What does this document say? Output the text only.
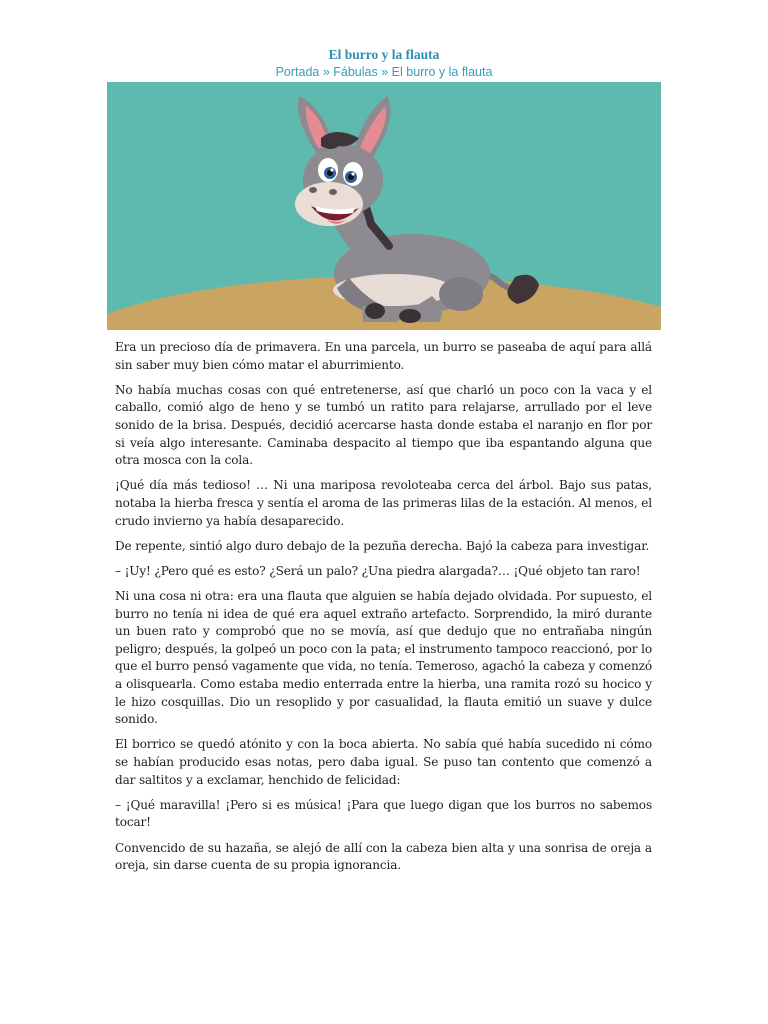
El burro y la flauta
Portada » Fábulas » El burro y la flauta

Era un precioso día de primavera. En una parcela, un burro se paseaba de aquí para allá sin saber muy bien cómo matar el aburrimiento.

No había muchas cosas con qué entretenerse, así que charló un poco con la vaca y el caballo, comió algo de heno y se tumbó un ratito para relajarse, arrullado por el leve sonido de la brisa. Después, decidió acercarse hasta donde estaba el naranjo en flor por si veía algo interesante. Caminaba despacito al tiempo que iba espantando alguna que otra mosca con la cola.

¡Qué día más tedioso! … Ni una mariposa revoloteaba cerca del árbol. Bajo sus patas, notaba la hierba fresca y sentía el aroma de las primeras lilas de la estación. Al menos, el crudo invierno ya había desaparecido.

De repente, sintió algo duro debajo de la pezuña derecha. Bajó la cabeza para investigar.

– ¡Uy! ¿Pero qué es esto? ¿Será un palo? ¿Una piedra alargada?… ¡Qué objeto tan raro!

Ni una cosa ni otra: era una flauta que alguien se había dejado olvidada. Por supuesto, el burro no tenía ni idea de qué era aquel extraño artefacto. Sorprendido, la miró durante un buen rato y comprobó que no se movía, así que dedujo que no entrañaba ningún peligro; después, la golpeó un poco con la pata; el instrumento tampoco reaccionó, por lo que el burro pensó vagamente que vida, no tenía. Temeroso, agachó la cabeza y comenzó a olisquearla. Como estaba medio enterrada entre la hierba, una ramita rozó su hocico y le hizo cosquillas. Dio un resoplido y por casualidad, la flauta emitió un suave y dulce sonido.

El borrico se quedó atónito y con la boca abierta. No sabía qué había sucedido ni cómo se habían producido esas notas, pero daba igual. Se puso tan contento que comenzó a dar saltitos y a exclamar, henchido de felicidad:

– ¡Qué maravilla! ¡Pero si es música! ¡Para que luego digan que los burros no sabemos tocar!

Convencido de su hazaña, se alejó de allí con la cabeza bien alta y una sonrisa de oreja a oreja, sin darse cuenta de su propia ignorancia.
